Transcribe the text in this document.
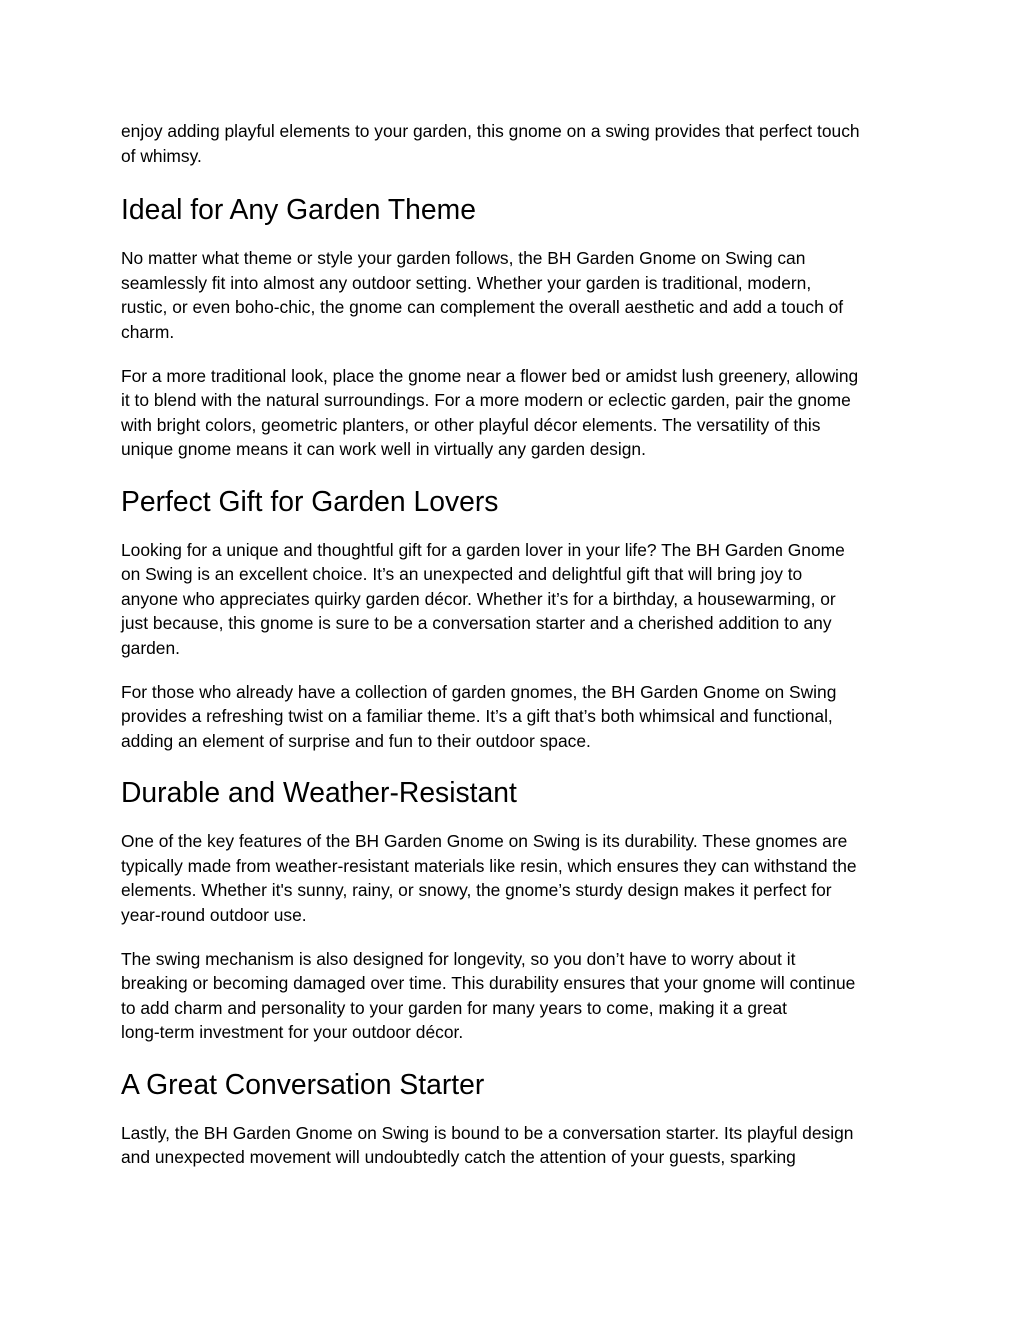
enjoy adding playful elements to your garden, this gnome on a swing provides that perfect touch

of whimsy.

Ideal for Any Garden Theme

No matter what theme or style your garden follows, the BH Garden Gnome on Swing can

seamlessly fit into almost any outdoor setting. Whether your garden is traditional, modern,

rustic, or even boho-chic, the gnome can complement the overall aesthetic and add a touch of

charm.

For a more traditional look, place the gnome near a flower bed or amidst lush greenery, allowing

it to blend with the natural surroundings. For a more modern or eclectic garden, pair the gnome

with bright colors, geometric planters, or other playful décor elements. The versatility of this

unique gnome means it can work well in virtually any garden design.

Perfect Gift for Garden Lovers

Looking for a unique and thoughtful gift for a garden lover in your life? The BH Garden Gnome

on Swing is an excellent choice. It’s an unexpected and delightful gift that will bring joy to

anyone who appreciates quirky garden décor. Whether it’s for a birthday, a housewarming, or

just because, this gnome is sure to be a conversation starter and a cherished addition to any

garden.

For those who already have a collection of garden gnomes, the BH Garden Gnome on Swing

provides a refreshing twist on a familiar theme. It’s a gift that’s both whimsical and functional,

adding an element of surprise and fun to their outdoor space.

Durable and Weather-Resistant

One of the key features of the BH Garden Gnome on Swing is its durability. These gnomes are

typically made from weather-resistant materials like resin, which ensures they can withstand the

elements. Whether it's sunny, rainy, or snowy, the gnome’s sturdy design makes it perfect for

year-round outdoor use.

The swing mechanism is also designed for longevity, so you don’t have to worry about it

breaking or becoming damaged over time. This durability ensures that your gnome will continue

to add charm and personality to your garden for many years to come, making it a great

long-term investment for your outdoor décor.

A Great Conversation Starter

Lastly, the BH Garden Gnome on Swing is bound to be a conversation starter. Its playful design

and unexpected movement will undoubtedly catch the attention of your guests, sparking
